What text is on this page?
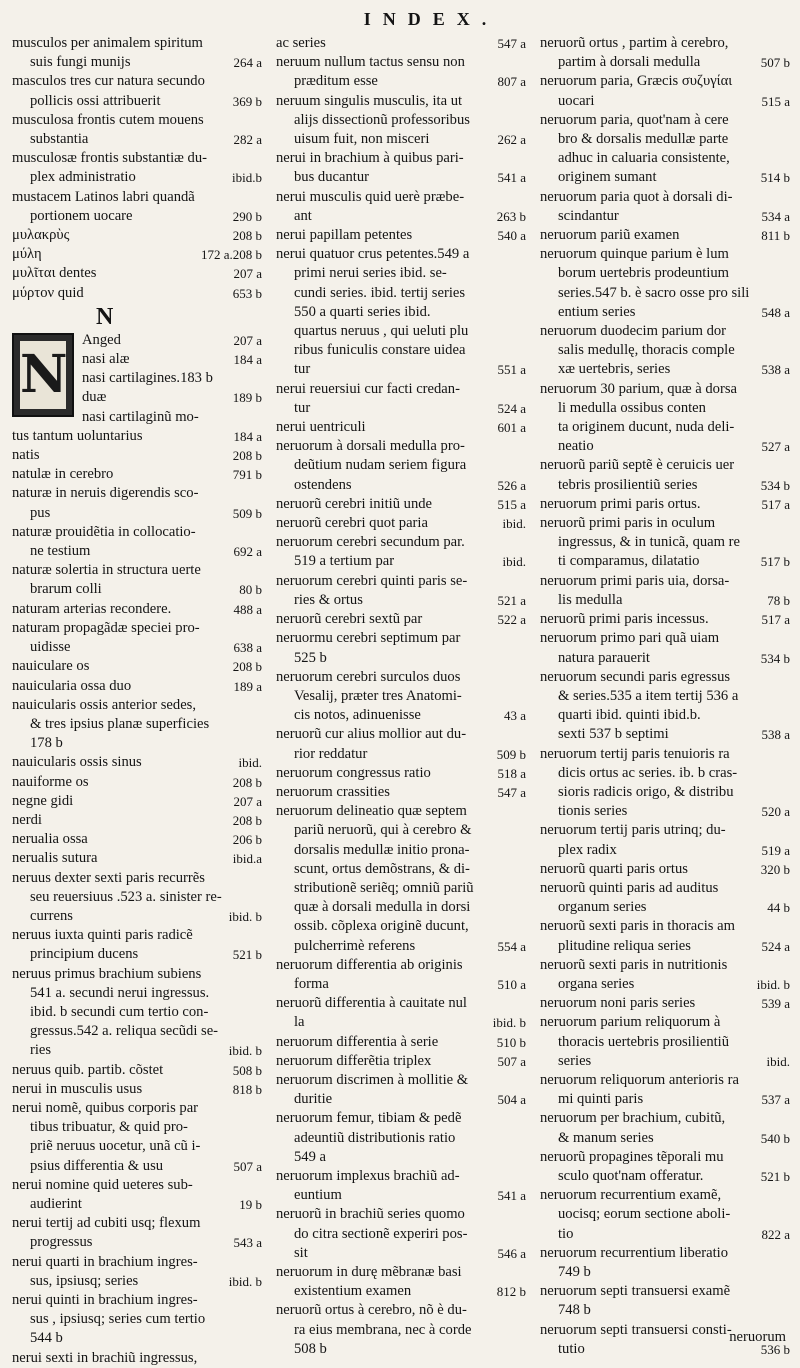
INDEX.
musculos per animalem spiritum
suis fungi munijs	264 a
masculos tres cur natura secundo
pollicis ossi attribuerit	369 b
musculosa frontis cutem mouens
substantia	282 a
musculosæ frontis substantiæ du-
plex administratio	ibid.b
mustacem Latinos labri quandã
portionem uocare	290 b
μυλακρὺς	208 b
μύλη	172 a.208 b
μυλῖται dentes	207 a
μύρτον quid	653 b
N
N
Anged	207 a
nasi alæ	184 a
nasi cartilagines.183 b
duæ	189 b
nasi cartilaginũ mo-
tus tantum uoluntarius	184 a
natis	208 b
natulæ in cerebro	791 b
naturæ in neruis digerendis sco-
pus	509 b
naturæ prouidẽtia in collocatio-
ne testium	692 a
naturæ solertia in structura uerte
brarum colli	80 b
naturam arterias recondere.	488 a
naturam propagãdæ speciei pro-
uidisse	638 a
nauiculare os	208 b
nauicularia ossa duo	189 a
nauicularis ossis anterior sedes,
& tres ipsius planæ superficies
178 b
nauicularis ossis sinus	ibid.
nauiforme os	208 b
negne gidi	207 a
nerdi	208 b
nerualia ossa	206 b
nerualis sutura	ibid.a
neruus dexter sexti paris recurrẽs
seu reuersiuus .523 a. sinister re-
currens	ibid. b
neruus iuxta quinti paris radicẽ
principium ducens	521 b
neruus primus brachium subiens
541 a. secundi nerui ingressus.
ibid. b secundi cum tertio con-
gressus.542 a. reliqua secũdi se-
ries	ibid. b
neruus quib. partib. cõstet	508 b
nerui in musculis usus	818 b
nerui nomẽ, quibus corporis par
tibus tribuatur, & quid pro-
priẽ neruus uocetur, unã cũ i-
psius differentia & usu	507 a
nerui nomine quid ueteres sub-
audierint	19 b
nerui tertij ad cubiti usq; flexum
progressus	543 a
nerui quarti in brachium ingres-
sus, ipsiusq; series	ibid. b
nerui quinti in brachium ingres-
sus , ipsiusq; series cum tertio
544 b
nerui sexti in brachiũ ingressus,
ac series	547 a
neruum nullum tactus sensu non
præditum esse	807 a
neruum singulis musculis, ita ut
alijs dissectionũ professoribus
uisum fuit, non misceri	262 a
nerui in brachium à quibus pari-
bus ducantur	541 a
nerui musculis quid uerè præbe-
ant	263 b
nerui papillam petentes	540 a
nerui quatuor crus petentes.549 a
primi nerui series ibid. se-
cundi series. ibid. tertij series
550 a quarti series ibid.
quartus neruus , qui ueluti plu
ribus funiculis constare uidea
tur	551 a
nerui reuersiui cur facti credan-
tur	524 a
nerui uentriculi	601 a
neruorum à dorsali medulla pro-
deũtium nudam seriem figura
ostendens	526 a
neruorũ cerebri initiũ unde	515 a
neruorũ cerebri quot paria	ibid.
neruorum cerebri secundum par.
519 a tertium par	ibid.
neruorum cerebri quinti paris se-
ries & ortus	521 a
neruorũ cerebri sextũ par	522 a
neruormu cerebri septimum par
525 b
neruorum cerebri surculos duos
Vesalij, præter tres Anatomi-
cis notos, adinuenisse	43 a
neruorũ cur alius mollior aut du-
rior reddatur	509 b
neruorum congressus ratio	518 a
neruorum crassities	547 a
neruorum delineatio quæ septem
pariũ neruorũ, qui à cerebro &
dorsalis medullæ initio prona-
scunt, ortus demõstrans, & di-
stributionẽ seriẽq; omniũ pariũ
quæ à dorsali medulla in dorsi
ossib. cõplexa originẽ ducunt,
pulcherrimè referens	554 a
neruorum differentia ab originis
forma	510 a
neruorũ differentia à cauitate nul
la	ibid. b
neruorum differentia à serie	510 b
neruorum differẽtia triplex	507 a
neruorum discrimen à mollitie &
duritie	504 a
neruorum femur, tibiam & pedẽ
adeuntiũ distributionis ratio
549 a
neruorum implexus brachiũ ad-
euntium	541 a
neruorũ in brachiũ series quomo
do citra sectionẽ experiri pos-
sit	546 a
neruorum in durę mẽbranæ basi
existentium examen	812 b
neruorũ ortus à cerebro, nõ è du-
ra eius membrana, nec à corde
508 b
neruorũ ortus , partim à cerebro,
partim à dorsali medulla	507 b
neruorum paria, Græcis συζυγίαι
uocari	515 a
neruorum paria, quot'nam à cere
bro & dorsalis medullæ parte
adhuc in caluaria consistente,
originem sumant	514 b
neruorum paria quot à dorsali di-
scindantur	534 a
neruorum pariũ examen	811 b
neruorum quinque parium è lum
borum uertebris prodeuntium
series.547 b. è sacro osse pro sili
entium series	548 a
neruorum duodecim parium dor
salis medullę, thoracis comple
xæ uertebris, series	538 a
neruorum 30 parium, quæ à dorsa
li medulla ossibus conten
ta originem ducunt, nuda deli-
neatio	527 a
neruorũ pariũ septẽ è ceruicis uer
tebris prosilientiũ series	534 b
neruorum primi paris ortus.	517 a
neruorũ primi paris in oculum
ingressus, & in tunicã, quam re
ti comparamus, dilatatio	517 b
neruorum primi paris uia, dorsa-
lis medulla	78 b
neruorũ primi paris incessus.	517 a
neruorum primo pari quã uiam
natura parauerit	534 b
neruorum secundi paris egressus
& series.535 a item tertij 536 a
quarti ibid. quinti ibid.b.
sexti 537 b septimi	538 a
neruorum tertij paris tenuioris ra
dicis ortus ac series. ib. b cras-
sioris radicis origo, & distribu
tionis series	520 a
neruorum tertij paris utrinq; du-
plex radix	519 a
neruorũ quarti paris ortus	320 b
neruorũ quinti paris ad auditus
organum series	44 b
neruorũ sexti paris in thoracis am
plitudine reliqua series	524 a
neruorũ sexti paris in nutritionis
organa series	ibid. b
neruorum noni paris series	539 a
neruorum parium reliquorum à
thoracis uertebris prosilientiũ
series	ibid.
neruorum reliquorum anterioris ra
mi quinti paris	537 a
neruorum per brachium, cubitũ,
& manum series	540 b
neruorũ propagines tẽporali mu
sculo quot'nam offeratur.	521 b
neruorum recurrentium examẽ,
uocisq; eorum sectione aboli-
tio	822 a
neruorum recurrentium liberatio
749 b
neruorum septi transuersi examẽ
748 b
neruorum septi transuersi consti-
tutio	536 b
neruorum
